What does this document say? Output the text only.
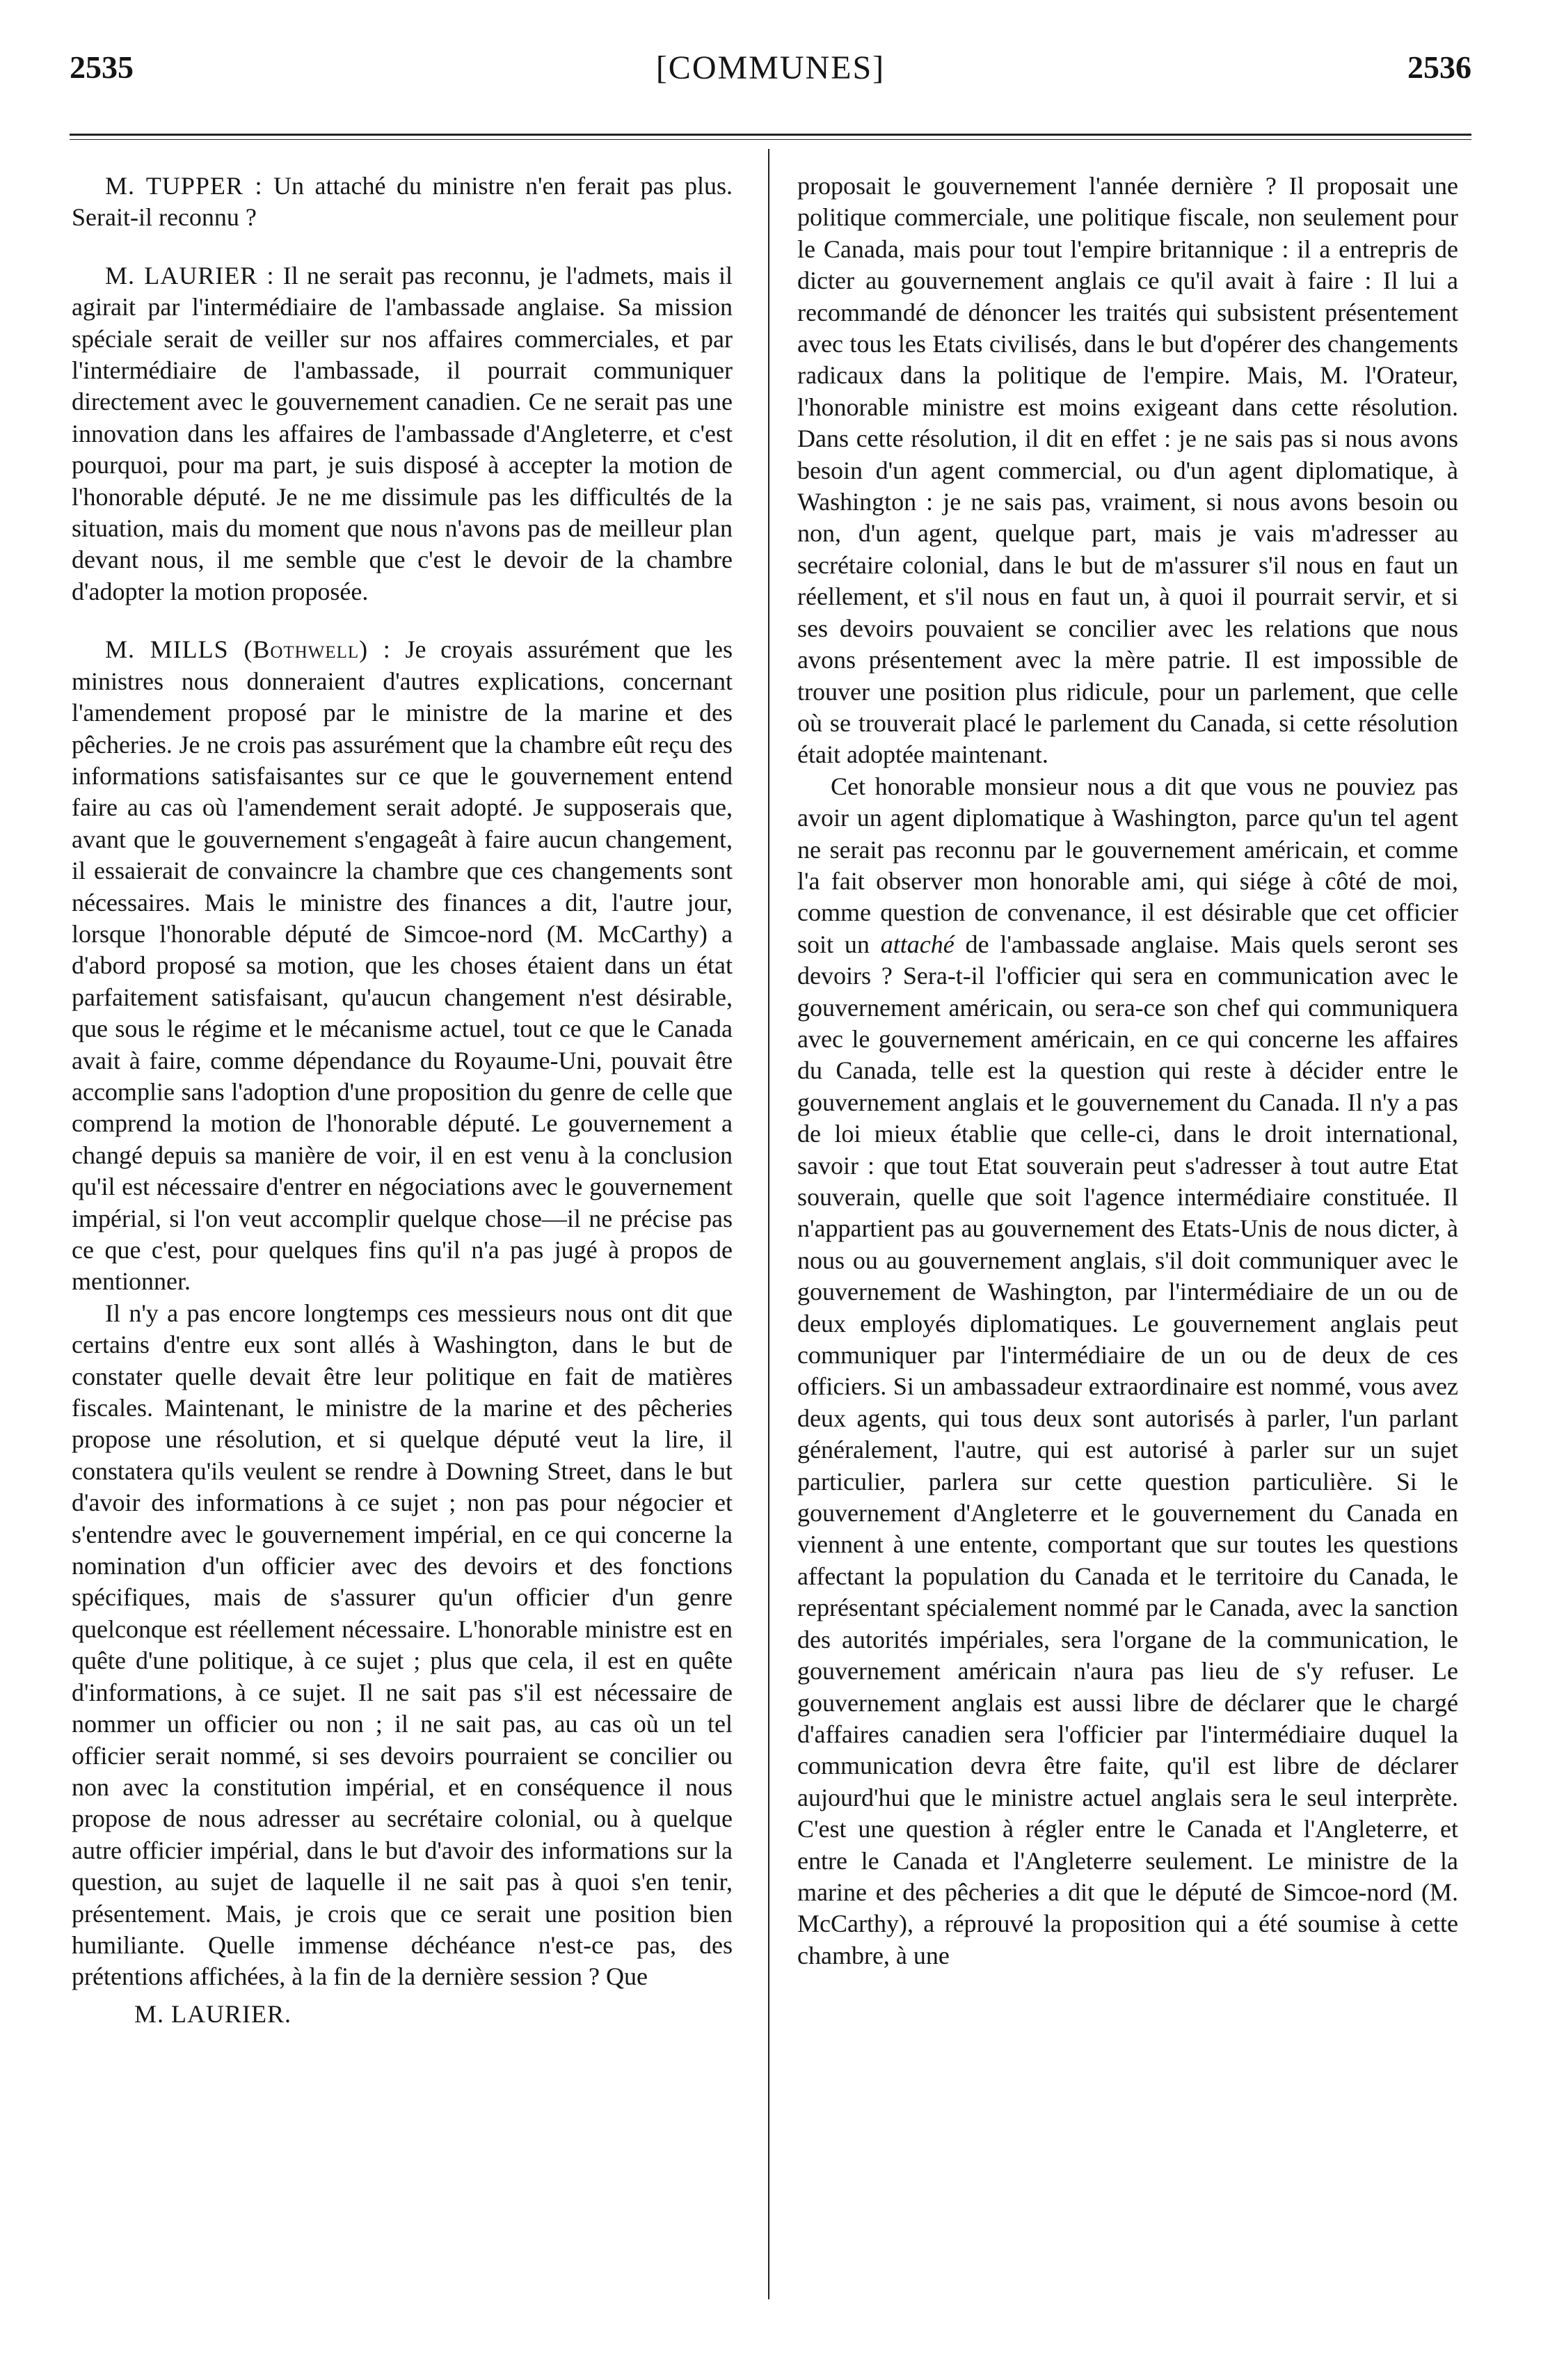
2535	[COMMUNES]	2536

M. TUPPER : Un attaché du ministre n'en ferait pas plus. Serait-il reconnu ?

M. LAURIER : Il ne serait pas reconnu, je l'admets, mais il agirait par l'intermédiaire de l'ambassade anglaise. Sa mission spéciale serait de veiller sur nos affaires commerciales, et par l'intermédiaire de l'ambassade, il pourrait communiquer directement avec le gouvernement canadien. Ce ne serait pas une innovation dans les affaires de l'ambassade d'Angleterre, et c'est pourquoi, pour ma part, je suis disposé à accepter la motion de l'honorable député. Je ne me dissimule pas les difficultés de la situation, mais du moment que nous n'avons pas de meilleur plan devant nous, il me semble que c'est le devoir de la chambre d'adopter la motion proposée.

M. MILLS (Bothwell) : Je croyais assurément que les ministres nous donneraient d'autres explications, concernant l'amendement proposé par le ministre de la marine et des pêcheries. Je ne crois pas assurément que la chambre eût reçu des informations satisfaisantes sur ce que le gouvernement entend faire au cas où l'amendement serait adopté. Je supposerais que, avant que le gouvernement s'engageât à faire aucun changement, il essaierait de convaincre la chambre que ces changements sont nécessaires. Mais le ministre des finances a dit, l'autre jour, lorsque l'honorable député de Simcoe-nord (M. McCarthy) a d'abord proposé sa motion, que les choses étaient dans un état parfaitement satisfaisant, qu'aucun changement n'est désirable, que sous le régime et le mécanisme actuel, tout ce que le Canada avait à faire, comme dépendance du Royaume-Uni, pouvait être accomplie sans l'adoption d'une proposition du genre de celle que comprend la motion de l'honorable député. Le gouvernement a changé depuis sa manière de voir, il en est venu à la conclusion qu'il est nécessaire d'entrer en négociations avec le gouvernement impérial, si l'on veut accomplir quelque chose—il ne précise pas ce que c'est, pour quelques fins qu'il n'a pas jugé à propos de mentionner.

Il n'y a pas encore longtemps ces messieurs nous ont dit que certains d'entre eux sont allés à Washington, dans le but de constater quelle devait être leur politique en fait de matières fiscales. Maintenant, le ministre de la marine et des pêcheries propose une résolution, et si quelque député veut la lire, il constatera qu'ils veulent se rendre à Downing Street, dans le but d'avoir des informations à ce sujet ; non pas pour négocier et s'entendre avec le gouvernement impérial, en ce qui concerne la nomination d'un officier avec des devoirs et des fonctions spécifiques, mais de s'assurer qu'un officier d'un genre quelconque est réellement nécessaire. L'honorable ministre est en quête d'une politique, à ce sujet ; plus que cela, il est en quête d'informations, à ce sujet. Il ne sait pas s'il est nécessaire de nommer un officier ou non ; il ne sait pas, au cas où un tel officier serait nommé, si ses devoirs pourraient se concilier ou non avec la constitution impérial, et en conséquence il nous propose de nous adresser au secrétaire colonial, ou à quelque autre officier impérial, dans le but d'avoir des informations sur la question, au sujet de laquelle il ne sait pas à quoi s'en tenir, présentement. Mais, je crois que ce serait une position bien humiliante. Quelle immense déchéance n'est-ce pas, des prétentions affichées, à la fin de la dernière session ? Que

M. LAURIER.

proposait le gouvernement l'année dernière ? Il proposait une politique commerciale, une politique fiscale, non seulement pour le Canada, mais pour tout l'empire britannique : il a entrepris de dicter au gouvernement anglais ce qu'il avait à faire : Il lui a recommandé de dénoncer les traités qui subsistent présentement avec tous les Etats civilisés, dans le but d'opérer des changements radicaux dans la politique de l'empire. Mais, M. l'Orateur, l'honorable ministre est moins exigeant dans cette résolution. Dans cette résolution, il dit en effet : je ne sais pas si nous avons besoin d'un agent commercial, ou d'un agent diplomatique, à Washington : je ne sais pas, vraiment, si nous avons besoin ou non, d'un agent, quelque part, mais je vais m'adresser au secrétaire colonial, dans le but de m'assurer s'il nous en faut un réellement, et s'il nous en faut un, à quoi il pourrait servir, et si ses devoirs pouvaient se concilier avec les relations que nous avons présentement avec la mère patrie. Il est impossible de trouver une position plus ridicule, pour un parlement, que celle où se trouverait placé le parlement du Canada, si cette résolution était adoptée maintenant.

Cet honorable monsieur nous a dit que vous ne pouviez pas avoir un agent diplomatique à Washington, parce qu'un tel agent ne serait pas reconnu par le gouvernement américain, et comme l'a fait observer mon honorable ami, qui siége à côté de moi, comme question de convenance, il est désirable que cet officier soit un attaché de l'ambassade anglaise. Mais quels seront ses devoirs ? Sera-t-il l'officier qui sera en communication avec le gouvernement américain, ou sera-ce son chef qui communiquera avec le gouvernement américain, en ce qui concerne les affaires du Canada, telle est la question qui reste à décider entre le gouvernement anglais et le gouvernement du Canada. Il n'y a pas de loi mieux établie que celle-ci, dans le droit international, savoir : que tout Etat souverain peut s'adresser à tout autre Etat souverain, quelle que soit l'agence intermédiaire constituée. Il n'appartient pas au gouvernement des Etats-Unis de nous dicter, à nous ou au gouvernement anglais, s'il doit communiquer avec le gouvernement de Washington, par l'intermédiaire de un ou de deux employés diplomatiques. Le gouvernement anglais peut communiquer par l'intermédiaire de un ou de deux de ces officiers. Si un ambassadeur extraordinaire est nommé, vous avez deux agents, qui tous deux sont autorisés à parler, l'un parlant généralement, l'autre, qui est autorisé à parler sur un sujet particulier, parlera sur cette question particulière. Si le gouvernement d'Angleterre et le gouvernement du Canada en viennent à une entente, comportant que sur toutes les questions affectant la population du Canada et le territoire du Canada, le représentant spécialement nommé par le Canada, avec la sanction des autorités impériales, sera l'organe de la communication, le gouvernement américain n'aura pas lieu de s'y refuser. Le gouvernement anglais est aussi libre de déclarer que le chargé d'affaires canadien sera l'officier par l'intermédiaire duquel la communication devra être faite, qu'il est libre de déclarer aujourd'hui que le ministre actuel anglais sera le seul interprète. C'est une question à régler entre le Canada et l'Angleterre, et entre le Canada et l'Angleterre seulement. Le ministre de la marine et des pêcheries a dit que le député de Simcoe-nord (M. McCarthy), a réprouvé la proposition qui a été soumise à cette chambre, à une
